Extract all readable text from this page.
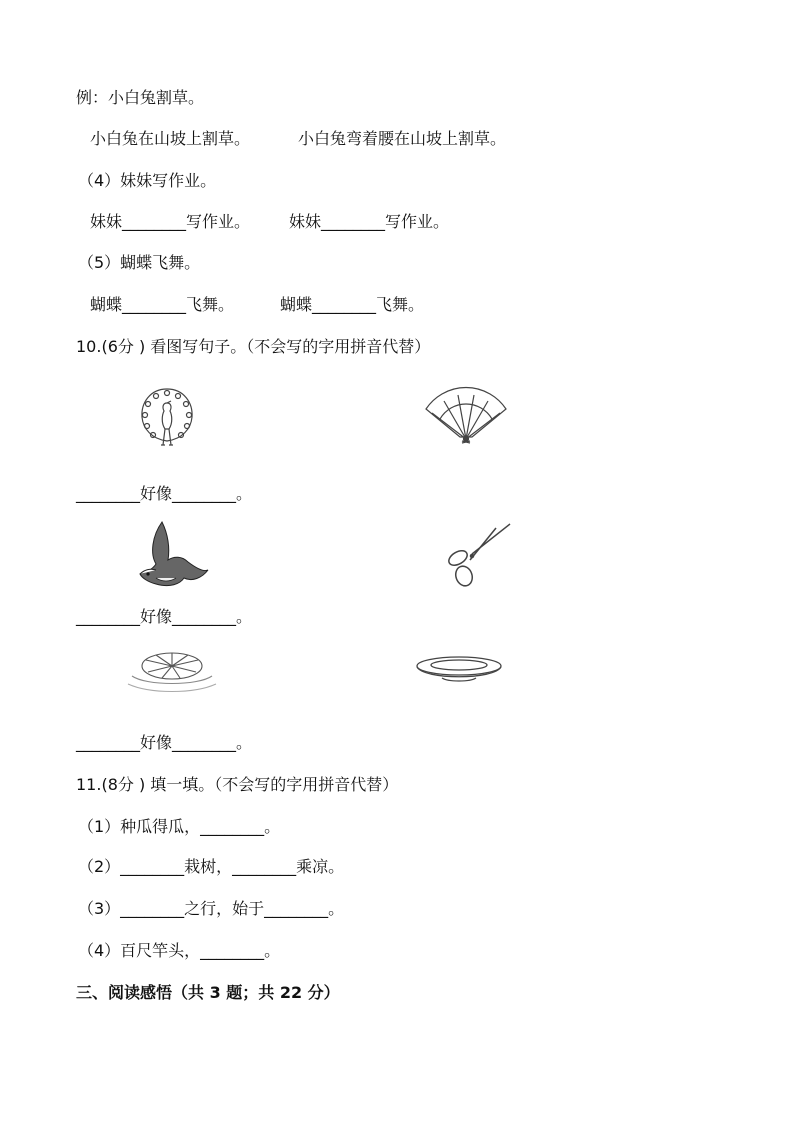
例：小白兔割草。
小白兔在山坡上割草。	小白兔弯着腰在山坡上割草。
（4）妹妹写作业。
妹妹________写作业。 妹妹________写作业。
（5）蝴蝶飞舞。
蝴蝶________飞舞。	蝴蝶________飞舞。
10.(6分 ) 看图写句子。（不会写的字用拼音代替）
________好像________。
________好像________。
________好像________。
11.(8分 ) 填一填。（不会写的字用拼音代替）
（1）种瓜得瓜，________。
（2）________栽树，________乘凉。
（3）________之行，始于________。
（4）百尺竿头，________。
三、阅读感悟（共 3 题；共 22 分）
